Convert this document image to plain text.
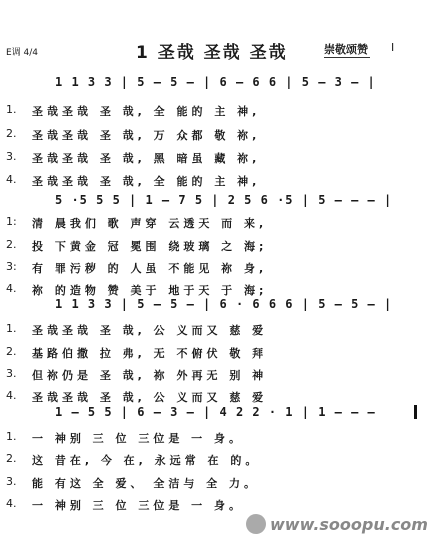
E调 4/4	1 圣哉 圣哉 圣哉	崇敬颂赞 Ⅰ
1 1 3 3 | 5 — 5 — | 6 — 6 6 | 5 — 3 — |
1.	圣哉圣哉 圣 哉, 全 能的 主 神,
2.	圣哉圣哉 圣 哉, 万 众都 敬 祢,
3.	圣哉圣哉 圣 哉, 黑 暗虽 藏 祢,
4.	圣哉圣哉 圣 哉, 全 能的 主 神,
5 ·5 5 5 | 1 — 7 5 | 2 5 6 ·5 | 5 — — — |
1:	清 晨我们 歌 声穿 云透天 而 来,
2.	投 下黄金 冠 冕围 绕玻璃 之 海;
3:	有 罪污秽 的 人虽 不能见 祢 身,
4.	祢 的造物 赞 美于 地于天 于 海;
1 1 3 3 | 5 — 5 — | 6 · 6 6 6 | 5 — 5 — |
1.	圣哉圣哉 圣 哉, 公 义而又 慈 爱
2.	基路伯撒 拉 弗, 无 不俯伏 敬 拜
3.	但祢仍是 圣 哉, 祢 外再无 别 神
4.	圣哉圣哉 圣 哉, 公 义而又 慈 爱
1 — 5 5 | 6 — 3 — | 4 2 2 · 1 | 1 — — —
1.	一 神别 三 位 三位是 一 身。
2.	这 昔在, 今 在, 永远常 在 的。
3.	能 有这 全 爱、 全洁与 全 力。
4.	一 神别 三 位 三位是 一 身。
www.sooopu.com
